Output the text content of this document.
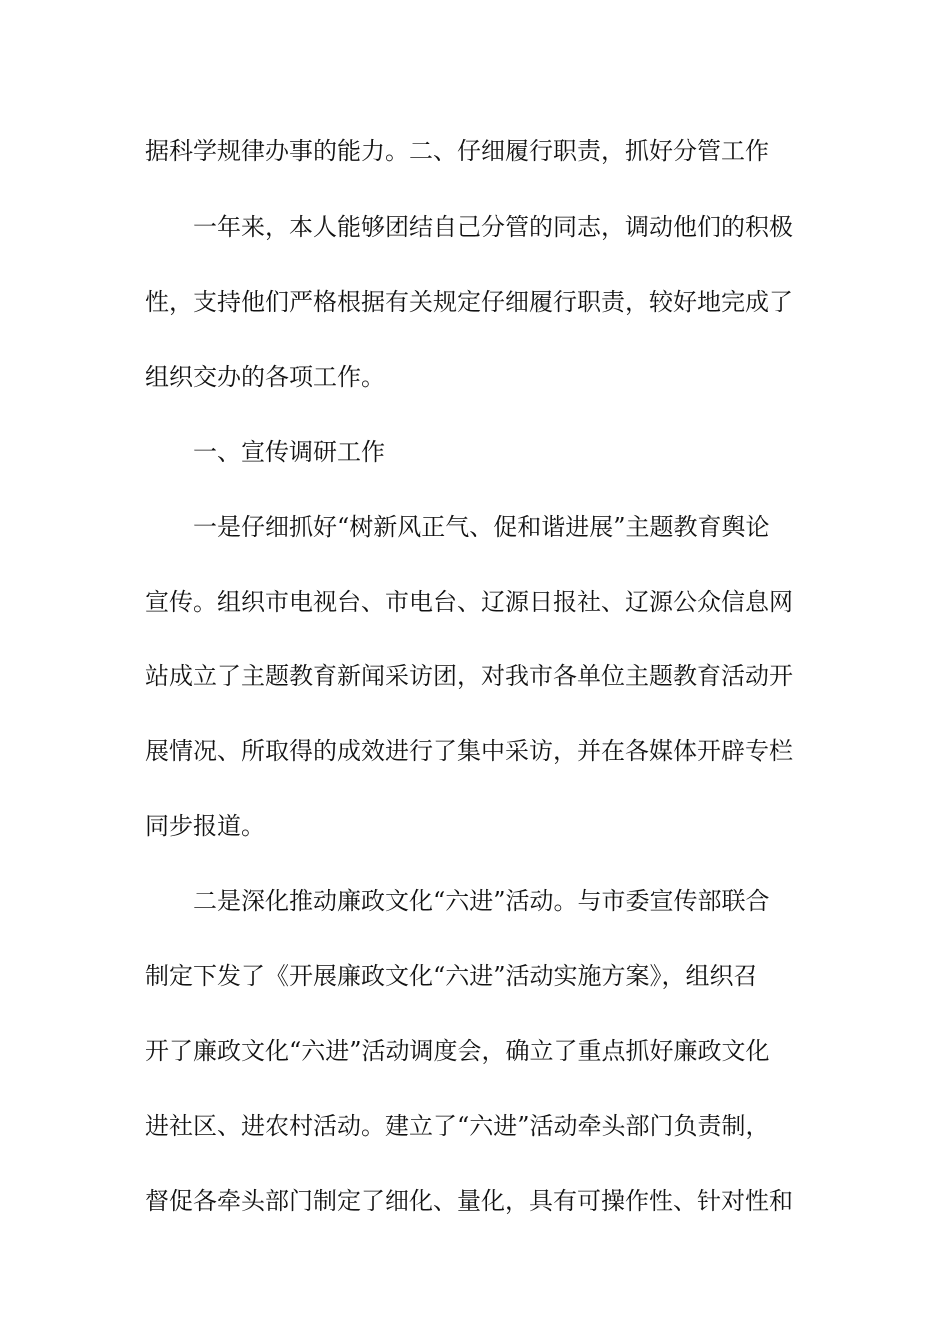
据科学规律办事的能力。二、仔细履行职责，抓好分管工作
一年来，本人能够团结自己分管的同志，调动他们的积极
性，支持他们严格根据有关规定仔细履行职责，较好地完成了
组织交办的各项工作。
一、宣传调研工作
一是仔细抓好“树新风正气、促和谐进展”主题教育舆论
宣传。组织市电视台、市电台、辽源日报社、辽源公众信息网
站成立了主题教育新闻采访团，对我市各单位主题教育活动开
展情况、所取得的成效进行了集中采访，并在各媒体开辟专栏
同步报道。
二是深化推动廉政文化“六进”活动。与市委宣传部联合
制定下发了《开展廉政文化“六进”活动实施方案》，组织召
开了廉政文化“六进”活动调度会，确立了重点抓好廉政文化
进社区、进农村活动。建立了“六进”活动牵头部门负责制，
督促各牵头部门制定了细化、量化，具有可操作性、针对性和
